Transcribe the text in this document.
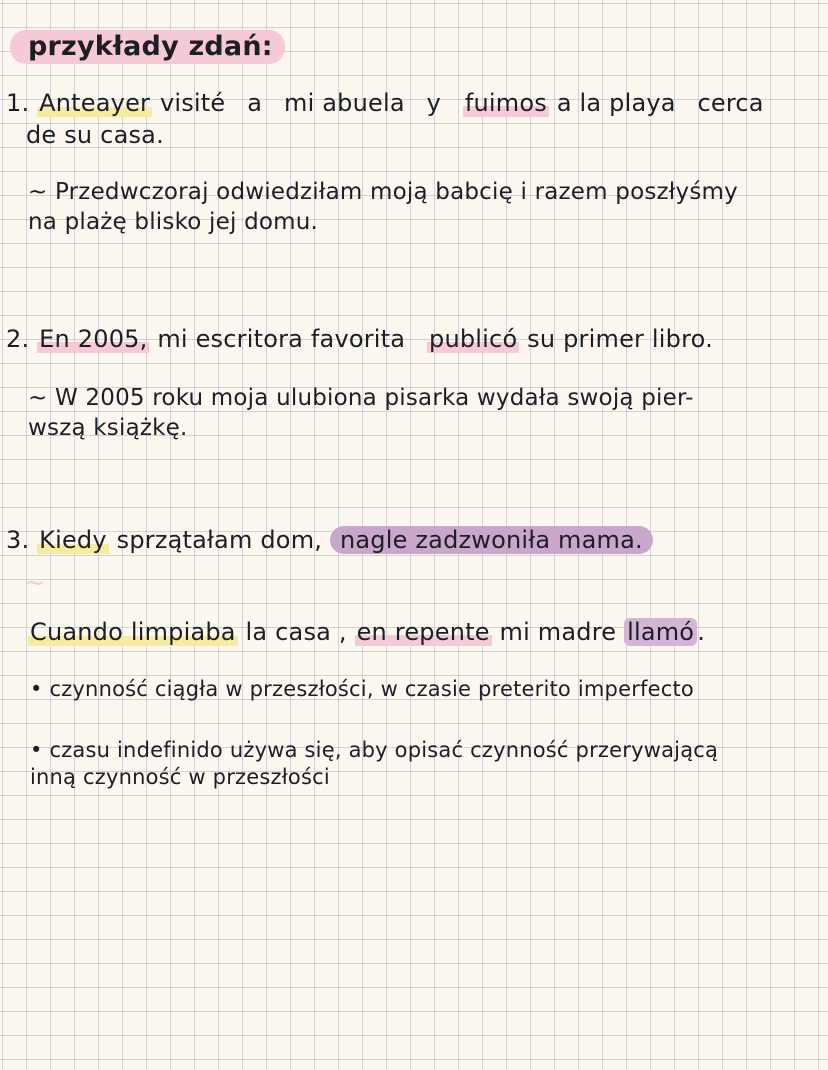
przykłady zdań:
1. Anteayer visité a mi abuela y fuimos a la playa cerca
de su casa.
~ Przedwczoraj odwiedziłam moją babcię i razem poszłyśmy
na plażę blisko jej domu.
2. En 2005, mi escritora favorita publicó su primer libro.
~ W 2005 roku moja ulubiona pisarka wydała swoją pier-
wszą książkę.
3. Kiedy sprzątałam dom, nagle zadzwoniła mama.
~
Cuando limpiaba la casa , en repente mi madre llamó .
• czynność ciągła w przeszłości, w czasie preterito imperfecto
• czasu indefinido używa się, aby opisać czynność przerywającą
inną czynność w przeszłości
